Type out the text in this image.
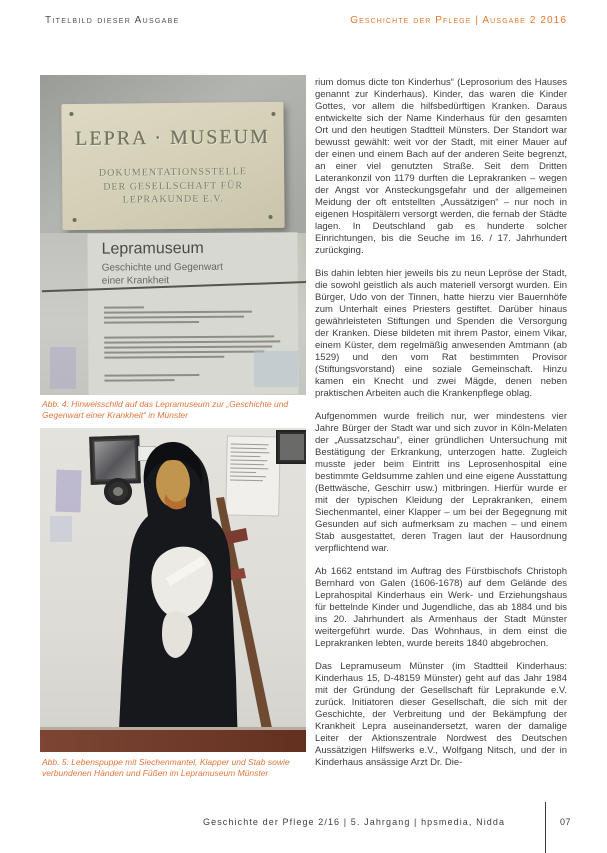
Titelbild dieser Ausgabe	Geschichte der Pflege | Ausgabe 2 2016
LEPRA · MUSEUM
DOKUMENTATIONSSTELLE
DER GESELLSCHAFT FÜR
LEPRAKUNDE E.V.
Lepramuseum
Geschichte und Gegenwart
einer Krankheit
Abb. 4: Hinweisschild auf das Lepramuseum zur „Geschichte und Gegenwart einer Krankheit“ in Münster
Abb. 5: Lebenspuppe mit Siechenmantel, Klapper und Stab sowie verbundenen Händen und Füßen im Lepramuseum Münster

rium domus dicte ton Kinderhus“ (Leprosorium des Hauses genannt zur Kinderhaus). Kinder, das waren die Kinder Gottes, vor allem die hilfsbedürftigen Kranken. Daraus entwickelte sich der Name Kinderhaus für den gesamten Ort und den heutigen Stadtteil Münsters. Der Standort war bewusst gewählt: weit vor der Stadt, mit einer Mauer auf der einen und einem Bach auf der anderen Seite begrenzt, an einer viel genutzten Straße. Seit dem Dritten Laterankonzil von 1179 durften die Leprakranken – wegen der Angst vor Ansteckungsgefahr und der allgemeinen Meidung der oft entstellten „Aussätzigen“ – nur noch in eigenen Hospitälern versorgt werden, die fernab der Städte lagen. In Deutschland gab es hunderte solcher Einrichtungen, bis die Seuche im 16. / 17. Jahrhundert zurückging.

Bis dahin lebten hier jeweils bis zu neun Lepröse der Stadt, die sowohl geistlich als auch materiell versorgt wurden. Ein Bürger, Udo von der Tinnen, hatte hierzu vier Bauernhöfe zum Unterhalt eines Priesters gestiftet. Darüber hinaus gewährleisteten Stiftungen und Spenden die Versorgung der Kranken. Diese bildeten mit ihrem Pastor, einem Vikar, einem Küster, dem regelmäßig anwesenden Amtmann (ab 1529) und den vom Rat bestimmten Provisor (Stiftungsvorstand) eine soziale Gemeinschaft. Hinzu kamen ein Knecht und zwei Mägde, denen neben praktischen Arbeiten auch die Krankenpflege oblag.

Aufgenommen wurde freilich nur, wer mindestens vier Jahre Bürger der Stadt war und sich zuvor in Köln-Melaten der „Aussatzschau“, einer gründlichen Untersuchung mit Bestätigung der Erkrankung, unterzogen hatte. Zugleich musste jeder beim Eintritt ins Leprosenhospital eine bestimmte Geldsumme zahlen und eine eigene Ausstattung (Bettwäsche, Geschirr usw.) mitbringen. Hierfür wurde er mit der typischen Kleidung der Leprakranken, einem Siechenmantel, einer Klapper – um bei der Begegnung mit Gesunden auf sich aufmerksam zu machen – und einem Stab ausgestattet, deren Tragen laut der Hausordnung verpflichtend war.

Ab 1662 entstand im Auftrag des Fürstbischofs Christoph Bernhard von Galen (1606-1678) auf dem Gelände des Leprahospital Kinderhaus ein Werk- und Erziehungshaus für bettelnde Kinder und Jugendliche, das ab 1884 und bis ins 20. Jahrhundert als Armenhaus der Stadt Münster weitergeführt wurde. Das Wohnhaus, in dem einst die Leprakranken lebten, wurde bereits 1840 abgebrochen.

Das Lepramuseum Münster (im Stadtteil Kinderhaus: Kinderhaus 15, D-48159 Münster) geht auf das Jahr 1984 mit der Gründung der Gesellschaft für Leprakunde e.V. zurück. Initiatoren dieser Gesellschaft, die sich mit der Geschichte, der Verbreitung und der Bekämpfung der Krankheit Lepra auseinandersetzt, waren der damalige Leiter der Aktionszentrale Nordwest des Deutschen Aussätzigen Hilfswerks e.V., Wolfgang Nitsch, und der in Kinderhaus ansässige Arzt Dr. Die-

Geschichte der Pflege 2/16 | 5. Jahrgang | hpsmedia, Nidda	07
